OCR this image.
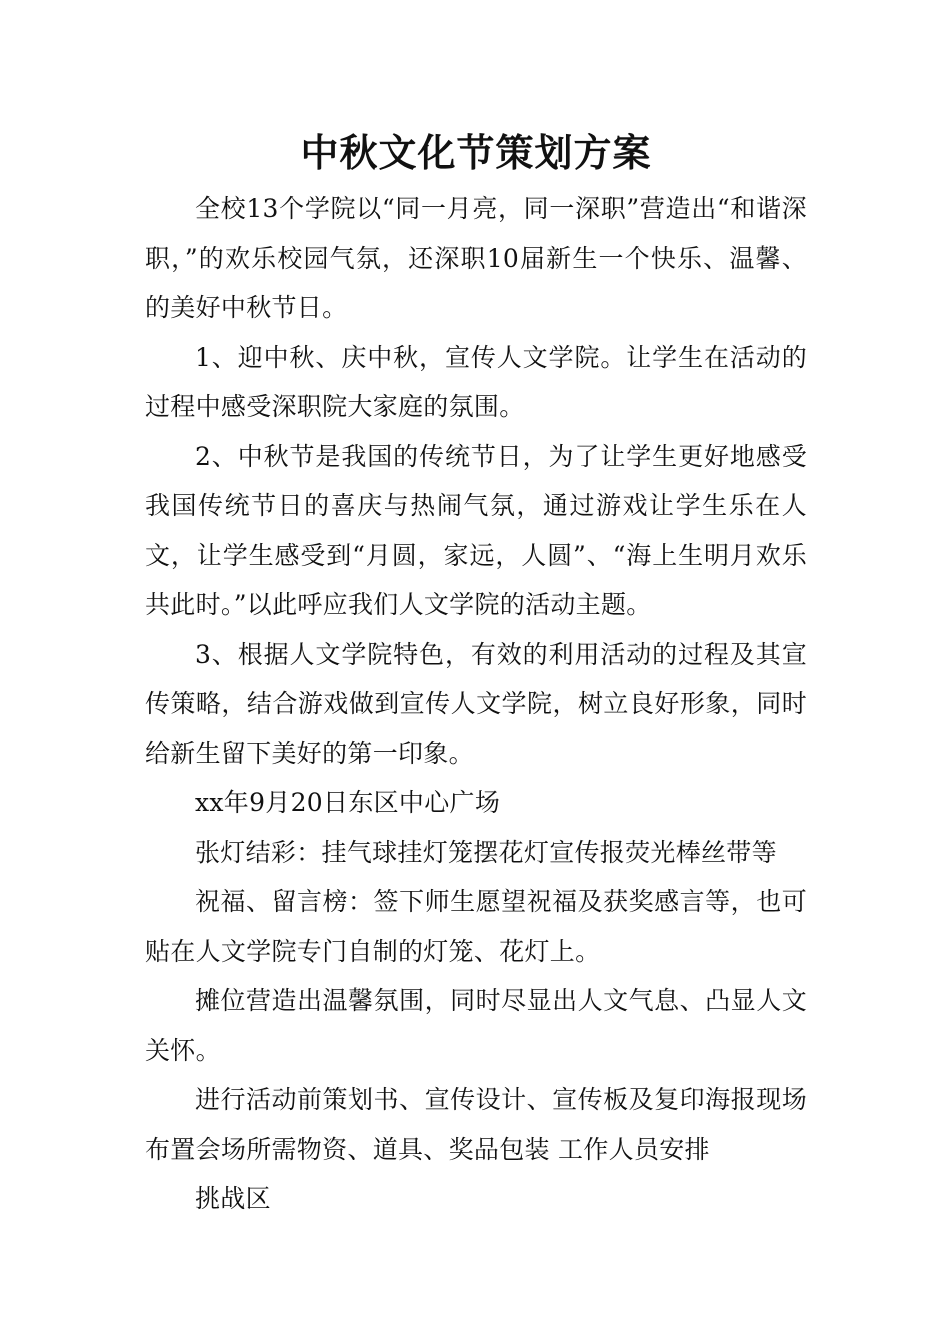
中秋文化节策划方案

全校13个学院以“同一月亮，同一深职”营造出“和谐深职，”的欢乐校园气氛，还深职10届新生一个快乐、温馨、的美好中秋节日。

1、迎中秋、庆中秋，宣传人文学院。让学生在活动的过程中感受深职院大家庭的氛围。

2、中秋节是我国的传统节日，为了让学生更好地感受我国传统节日的喜庆与热闹气氛，通过游戏让学生乐在人文，让学生感受到“月圆，家远，人圆”、“海上生明月欢乐共此时。”以此呼应我们人文学院的活动主题。

3、根据人文学院特色，有效的利用活动的过程及其宣传策略，结合游戏做到宣传人文学院，树立良好形象，同时给新生留下美好的第一印象。

xx年9月20日东区中心广场

张灯结彩：挂气球挂灯笼摆花灯宣传报荧光棒丝带等

祝福、留言榜：签下师生愿望祝福及获奖感言等，也可贴在人文学院专门自制的灯笼、花灯上。

摊位营造出温馨氛围，同时尽显出人文气息、凸显人文关怀。

进行活动前策划书、宣传设计、宣传板及复印海报现场布置会场所需物资、道具、奖品包装 工作人员安排

挑战区
